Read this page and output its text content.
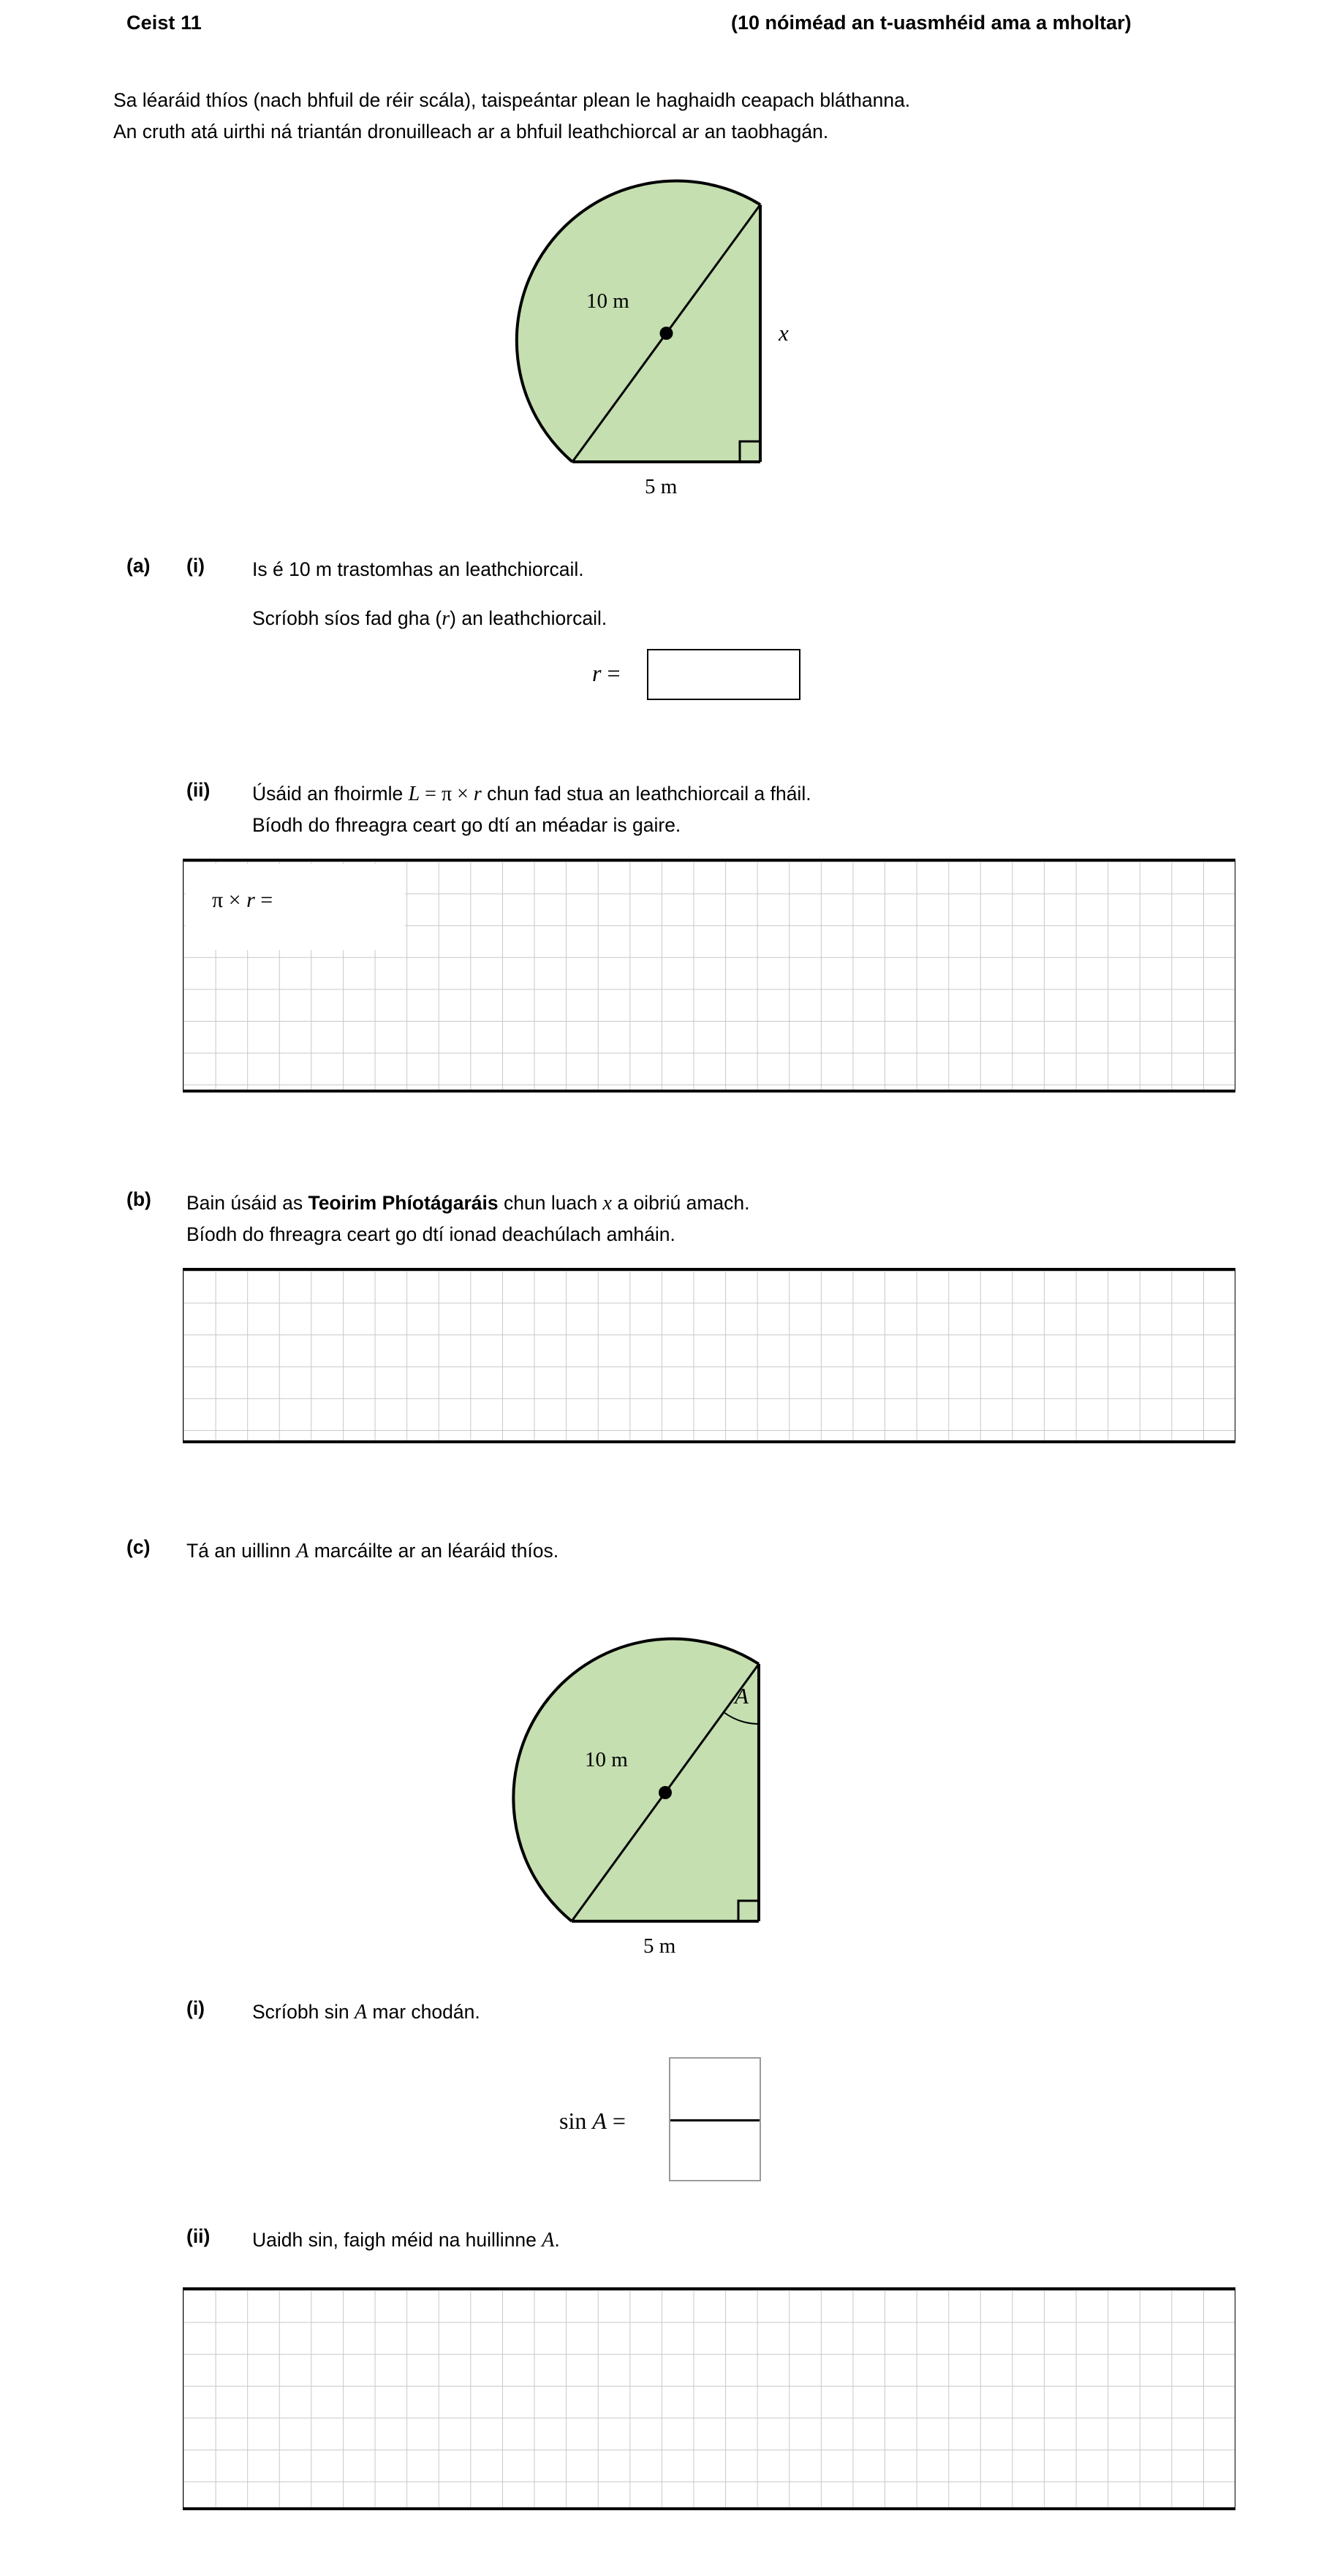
Ceist 11	(10 nóiméad an t-uasmhéid ama a mholtar)
Sa léaráid thíos (nach bhfuil de réir scála), taispeántar plean le haghaidh ceapach bláthanna.
An cruth atá uirthi ná triantán dronuilleach ar a bhfuil leathchiorcal ar an taobhagán.
10 m
x
5 m
(a) (i) Is é 10 m trastomhas an leathchiorcail.
Scríobh síos fad gha (r) an leathchiorcail.
r =
(ii) Úsáid an fhoirmle L = π × r chun fad stua an leathchiorcail a fháil.
Bíodh do fhreagra ceart go dtí an méadar is gaire.
π × r =
(b) Bain úsáid as Teoirim Phíotágaráis chun luach x a oibriú amach.
Bíodh do fhreagra ceart go dtí ionad deachúlach amháin.
(c) Tá an uillinn A marcáilte ar an léaráid thíos.
A
10 m
5 m
(i) Scríobh sin A mar chodán.
sin A =
(ii) Uaidh sin, faigh méid na huillinne A.
